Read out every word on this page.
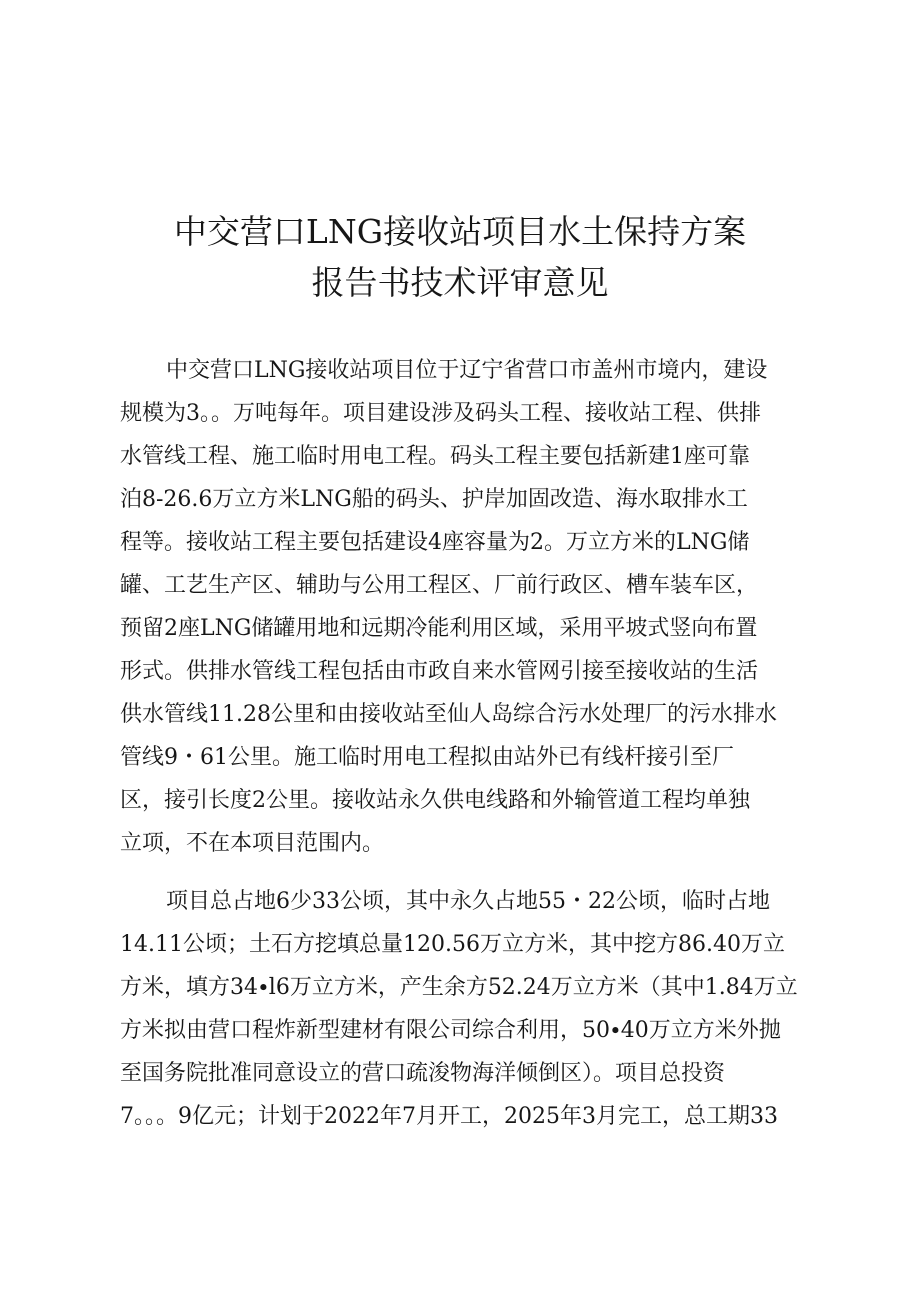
中交营口LNG接收站项目水土保持方案
报告书技术评审意见
中交营口LNG接收站项目位于辽宁省营口市盖州市境内，建设
规模为3。。万吨每年。项目建设涉及码头工程、接收站工程、供排
水管线工程、施工临时用电工程。码头工程主要包括新建1座可靠
泊8-26.6万立方米LNG船的码头、护岸加固改造、海水取排水工
程等。接收站工程主要包括建设4座容量为2。万立方米的LNG储
罐、工艺生产区、辅助与公用工程区、厂前行政区、槽车装车区，
预留2座LNG储罐用地和远期冷能利用区域，采用平坡式竖向布置
形式。供排水管线工程包括由市政自来水管网引接至接收站的生活
供水管线11.28公里和由接收站至仙人岛综合污水处理厂的污水排水
管线9・61公里。施工临时用电工程拟由站外已有线杆接引至厂
区，接引长度2公里。接收站永久供电线路和外输管道工程均单独
立项，不在本项目范围内。
项目总占地6少33公顷，其中永久占地55・22公顷，临时占地
14.11公顷；土石方挖填总量120.56万立方米，其中挖方86.40万立
方米，填方34∙l6万立方米，产生余方52.24万立方米（其中1.84万立
方米拟由营口程炸新型建材有限公司综合利用，50∙40万立方米外抛
至国务院批准同意设立的营口疏浚物海洋倾倒区）。项目总投资
7。。。9亿元；计划于2022年7月开工，2025年3月完工，总工期33
